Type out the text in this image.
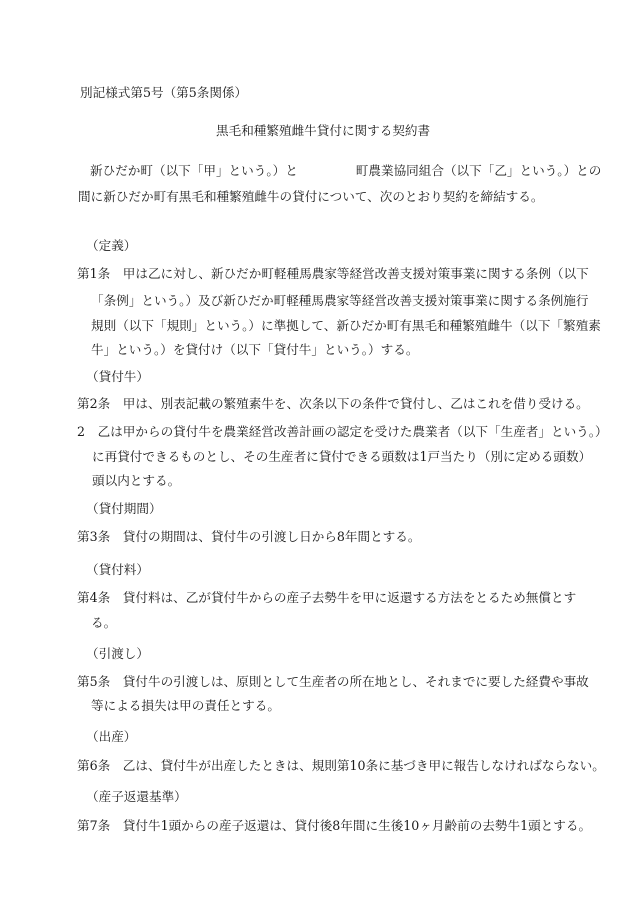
別記様式第5号（第5条関係）
黒毛和種繁殖雌牛貸付に関する契約書
新ひだか町（以下「甲」という。）と	町農業協同組合（以下「乙」という。）との
間に新ひだか町有黒毛和種繁殖雌牛の貸付について、次のとおり契約を締結する。
（定義）
第1条　甲は乙に対し、新ひだか町軽種馬農家等経営改善支援対策事業に関する条例（以下
「条例」という。）及び新ひだか町軽種馬農家等経営改善支援対策事業に関する条例施行
規則（以下「規則」という。）に準拠して、新ひだか町有黒毛和種繁殖雌牛（以下「繁殖素
牛」という。）を貸付け（以下「貸付牛」という。）する。
（貸付牛）
第2条　甲は、別表記載の繁殖素牛を、次条以下の条件で貸付し、乙はこれを借り受ける。
2　乙は甲からの貸付牛を農業経営改善計画の認定を受けた農業者（以下「生産者」という。）
に再貸付できるものとし、その生産者に貸付できる頭数は1戸当たり（別に定める頭数）
頭以内とする。
（貸付期間）
第3条　貸付の期間は、貸付牛の引渡し日から8年間とする。
（貸付料）
第4条　貸付料は、乙が貸付牛からの産子去勢牛を甲に返還する方法をとるため無償とす
る。
（引渡し）
第5条　貸付牛の引渡しは、原則として生産者の所在地とし、それまでに要した経費や事故
等による損失は甲の責任とする。
（出産）
第6条　乙は、貸付牛が出産したときは、規則第10条に基づき甲に報告しなければならない。
（産子返還基準）
第7条　貸付牛1頭からの産子返還は、貸付後8年間に生後10ヶ月齢前の去勢牛1頭とする。
